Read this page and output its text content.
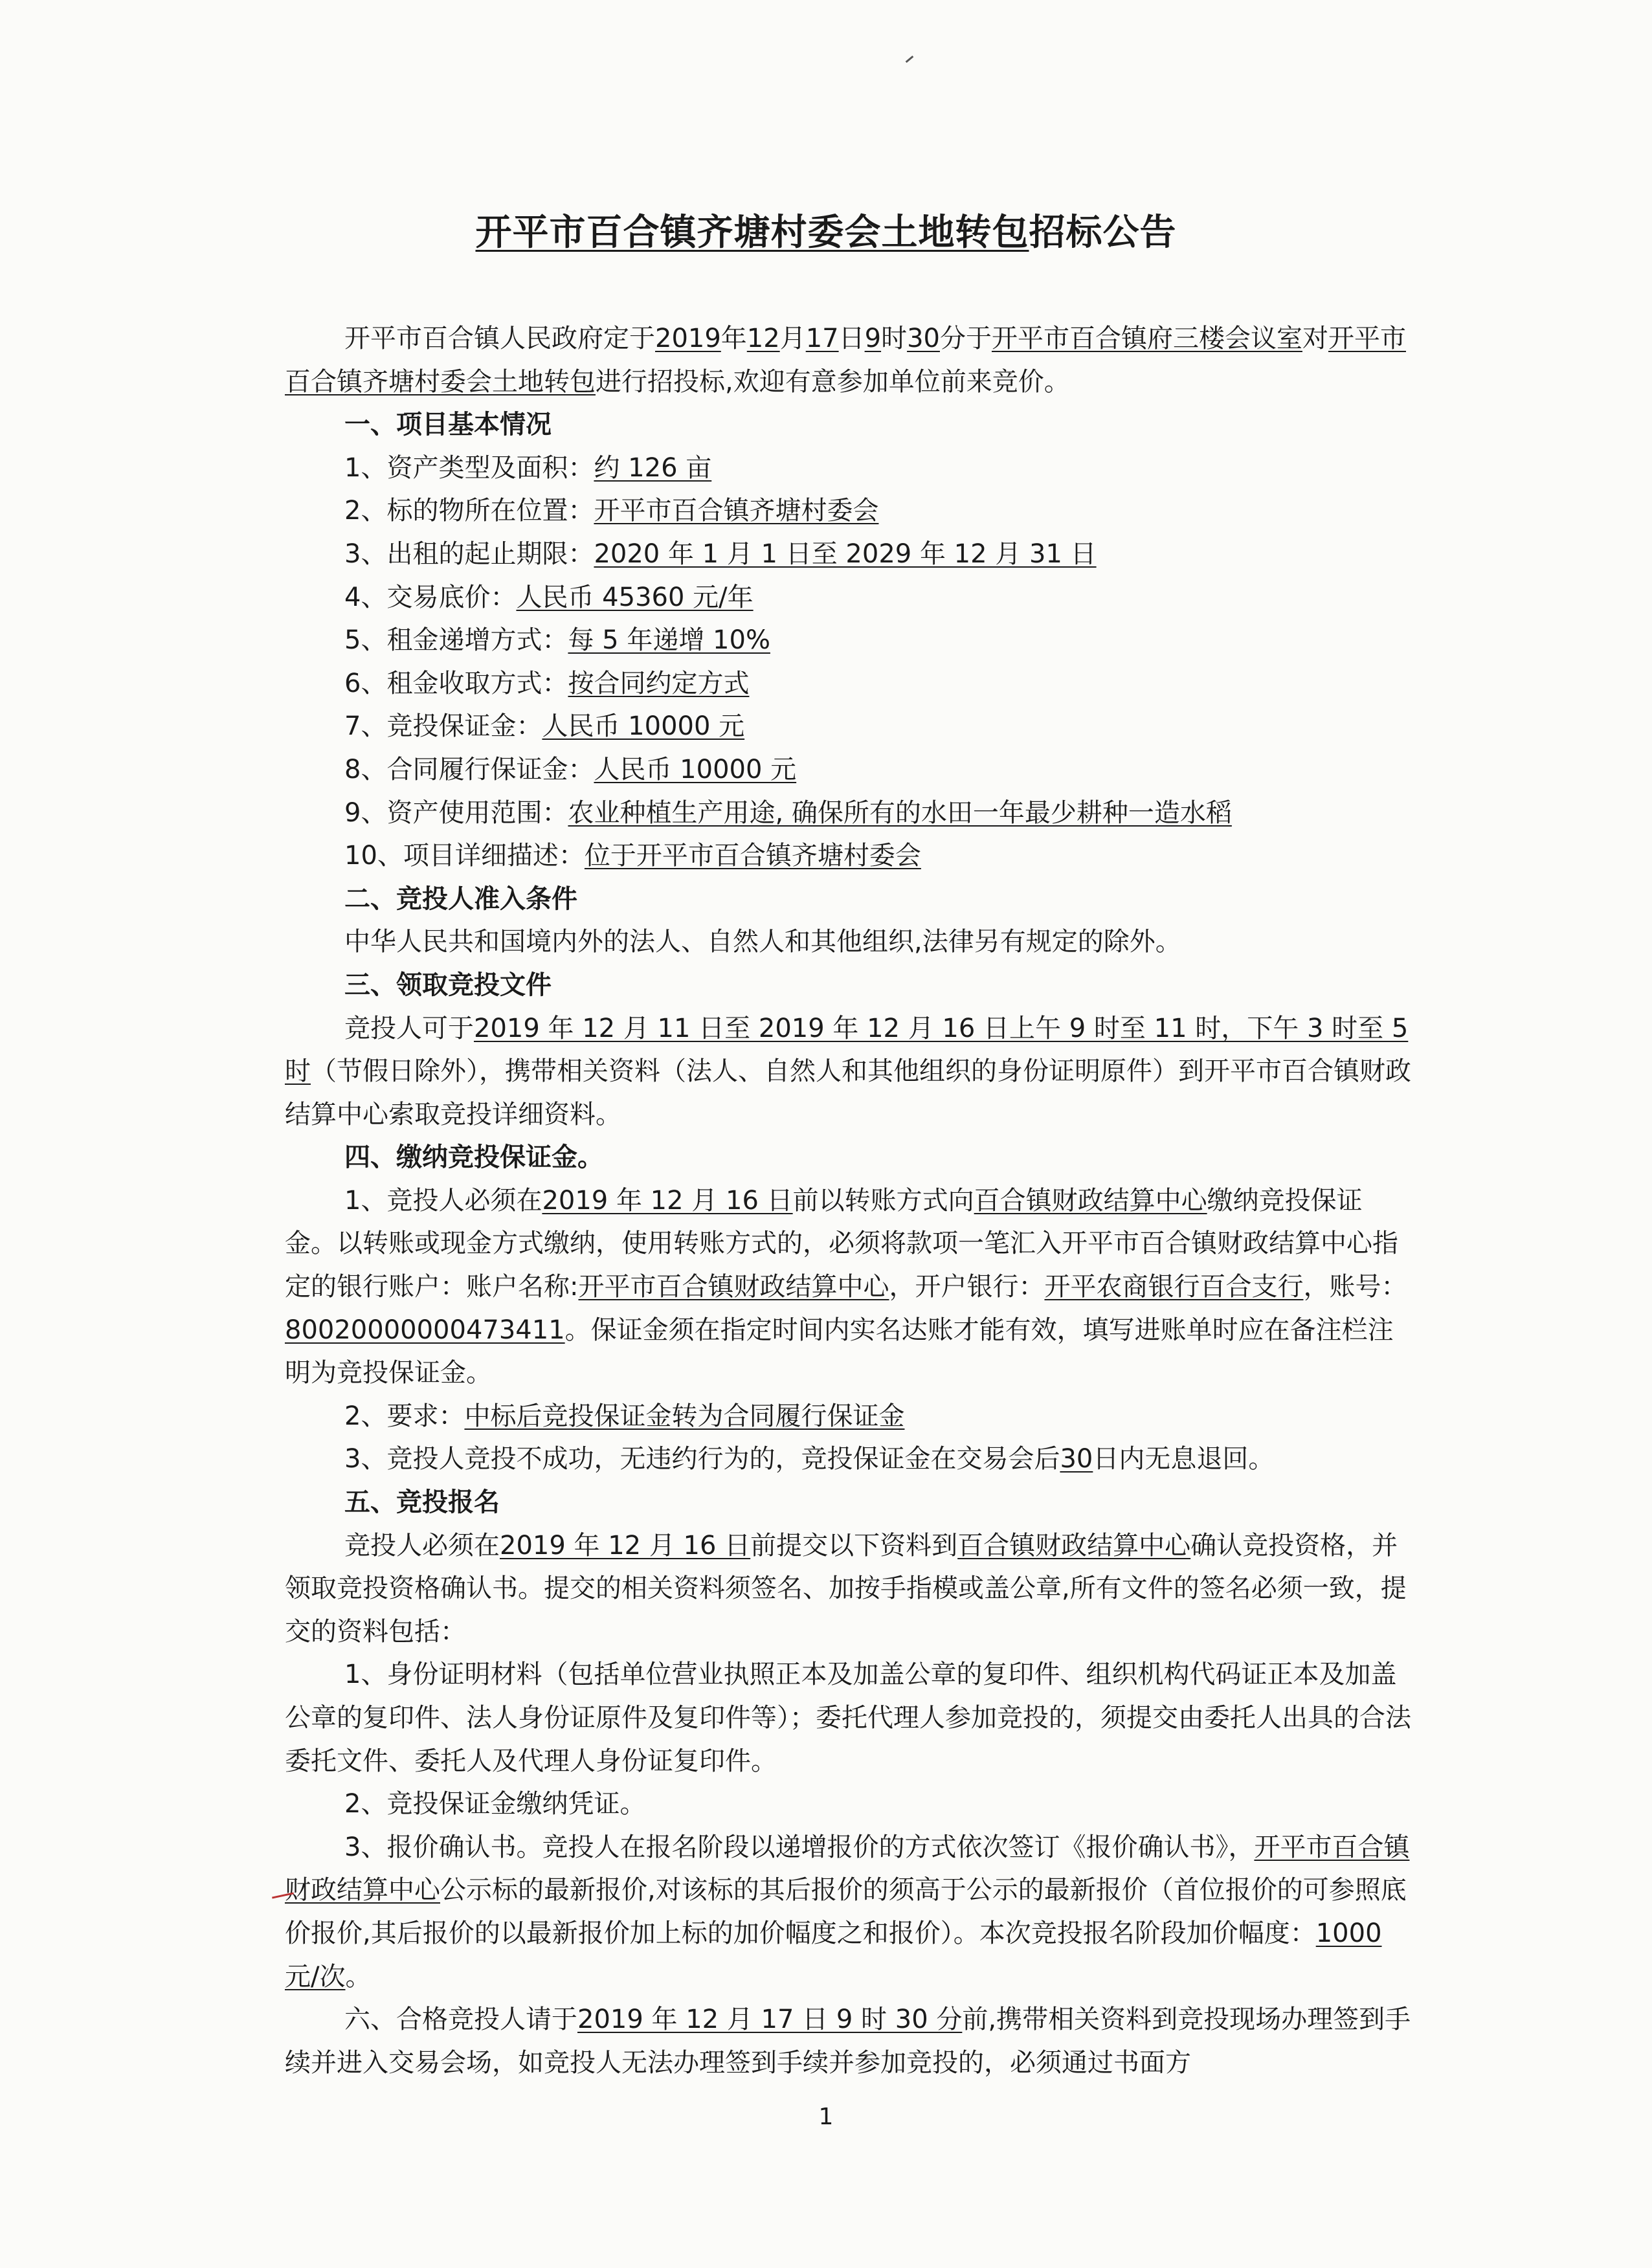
开平市百合镇齐塘村委会土地转包招标公告

开平市百合镇人民政府定于2019年12月17日9时30分于开平市百合镇府三楼会议室对开平市百合镇齐塘村委会土地转包进行招投标,欢迎有意参加单位前来竞价。

一、项目基本情况

1、资产类型及面积：约 126 亩

2、标的物所在位置：开平市百合镇齐塘村委会

3、出租的起止期限：2020 年 1 月 1 日至 2029 年 12 月 31 日

4、交易底价：人民币 45360 元/年

5、租金递增方式：每 5 年递增 10%

6、租金收取方式：按合同约定方式

7、竞投保证金：人民币 10000 元

8、合同履行保证金：人民币 10000 元

9、资产使用范围：农业种植生产用途, 确保所有的水田一年最少耕种一造水稻

10、项目详细描述：位于开平市百合镇齐塘村委会

二、竞投人准入条件

中华人民共和国境内外的法人、自然人和其他组织,法律另有规定的除外。

三、领取竞投文件

竞投人可于2019 年 12 月 11 日至 2019 年 12 月 16 日上午 9 时至 11 时，下午 3 时至 5 时（节假日除外），携带相关资料（法人、自然人和其他组织的身份证明原件）到开平市百合镇财政结算中心索取竞投详细资料。

四、缴纳竞投保证金。

1、竞投人必须在2019 年 12 月 16 日前以转账方式向百合镇财政结算中心缴纳竞投保证金。以转账或现金方式缴纳，使用转账方式的，必须将款项一笔汇入开平市百合镇财政结算中心指定的银行账户：账户名称:开平市百合镇财政结算中心，开户银行：开平农商银行百合支行，账号：80020000000473411。保证金须在指定时间内实名达账才能有效，填写进账单时应在备注栏注明为竞投保证金。

2、要求：中标后竞投保证金转为合同履行保证金

3、竞投人竞投不成功，无违约行为的，竞投保证金在交易会后30日内无息退回。

五、竞投报名

竞投人必须在2019 年 12 月 16 日前提交以下资料到百合镇财政结算中心确认竞投资格，并领取竞投资格确认书。提交的相关资料须签名、加按手指模或盖公章,所有文件的签名必须一致，提交的资料包括：

1、身份证明材料（包括单位营业执照正本及加盖公章的复印件、组织机构代码证正本及加盖公章的复印件、法人身份证原件及复印件等）；委托代理人参加竞投的，须提交由委托人出具的合法委托文件、委托人及代理人身份证复印件。

2、竞投保证金缴纳凭证。

3、报价确认书。竞投人在报名阶段以递增报价的方式依次签订《报价确认书》，开平市百合镇财政结算中心公示标的最新报价,对该标的其后报价的须高于公示的最新报价（首位报价的可参照底价报价,其后报价的以最新报价加上标的加价幅度之和报价）。本次竞投报名阶段加价幅度：1000 元/次。

六、合格竞投人请于2019 年 12 月 17 日 9 时 30 分前,携带相关资料到竞投现场办理签到手续并进入交易会场，如竞投人无法办理签到手续并参加竞投的，必须通过书面方

1
